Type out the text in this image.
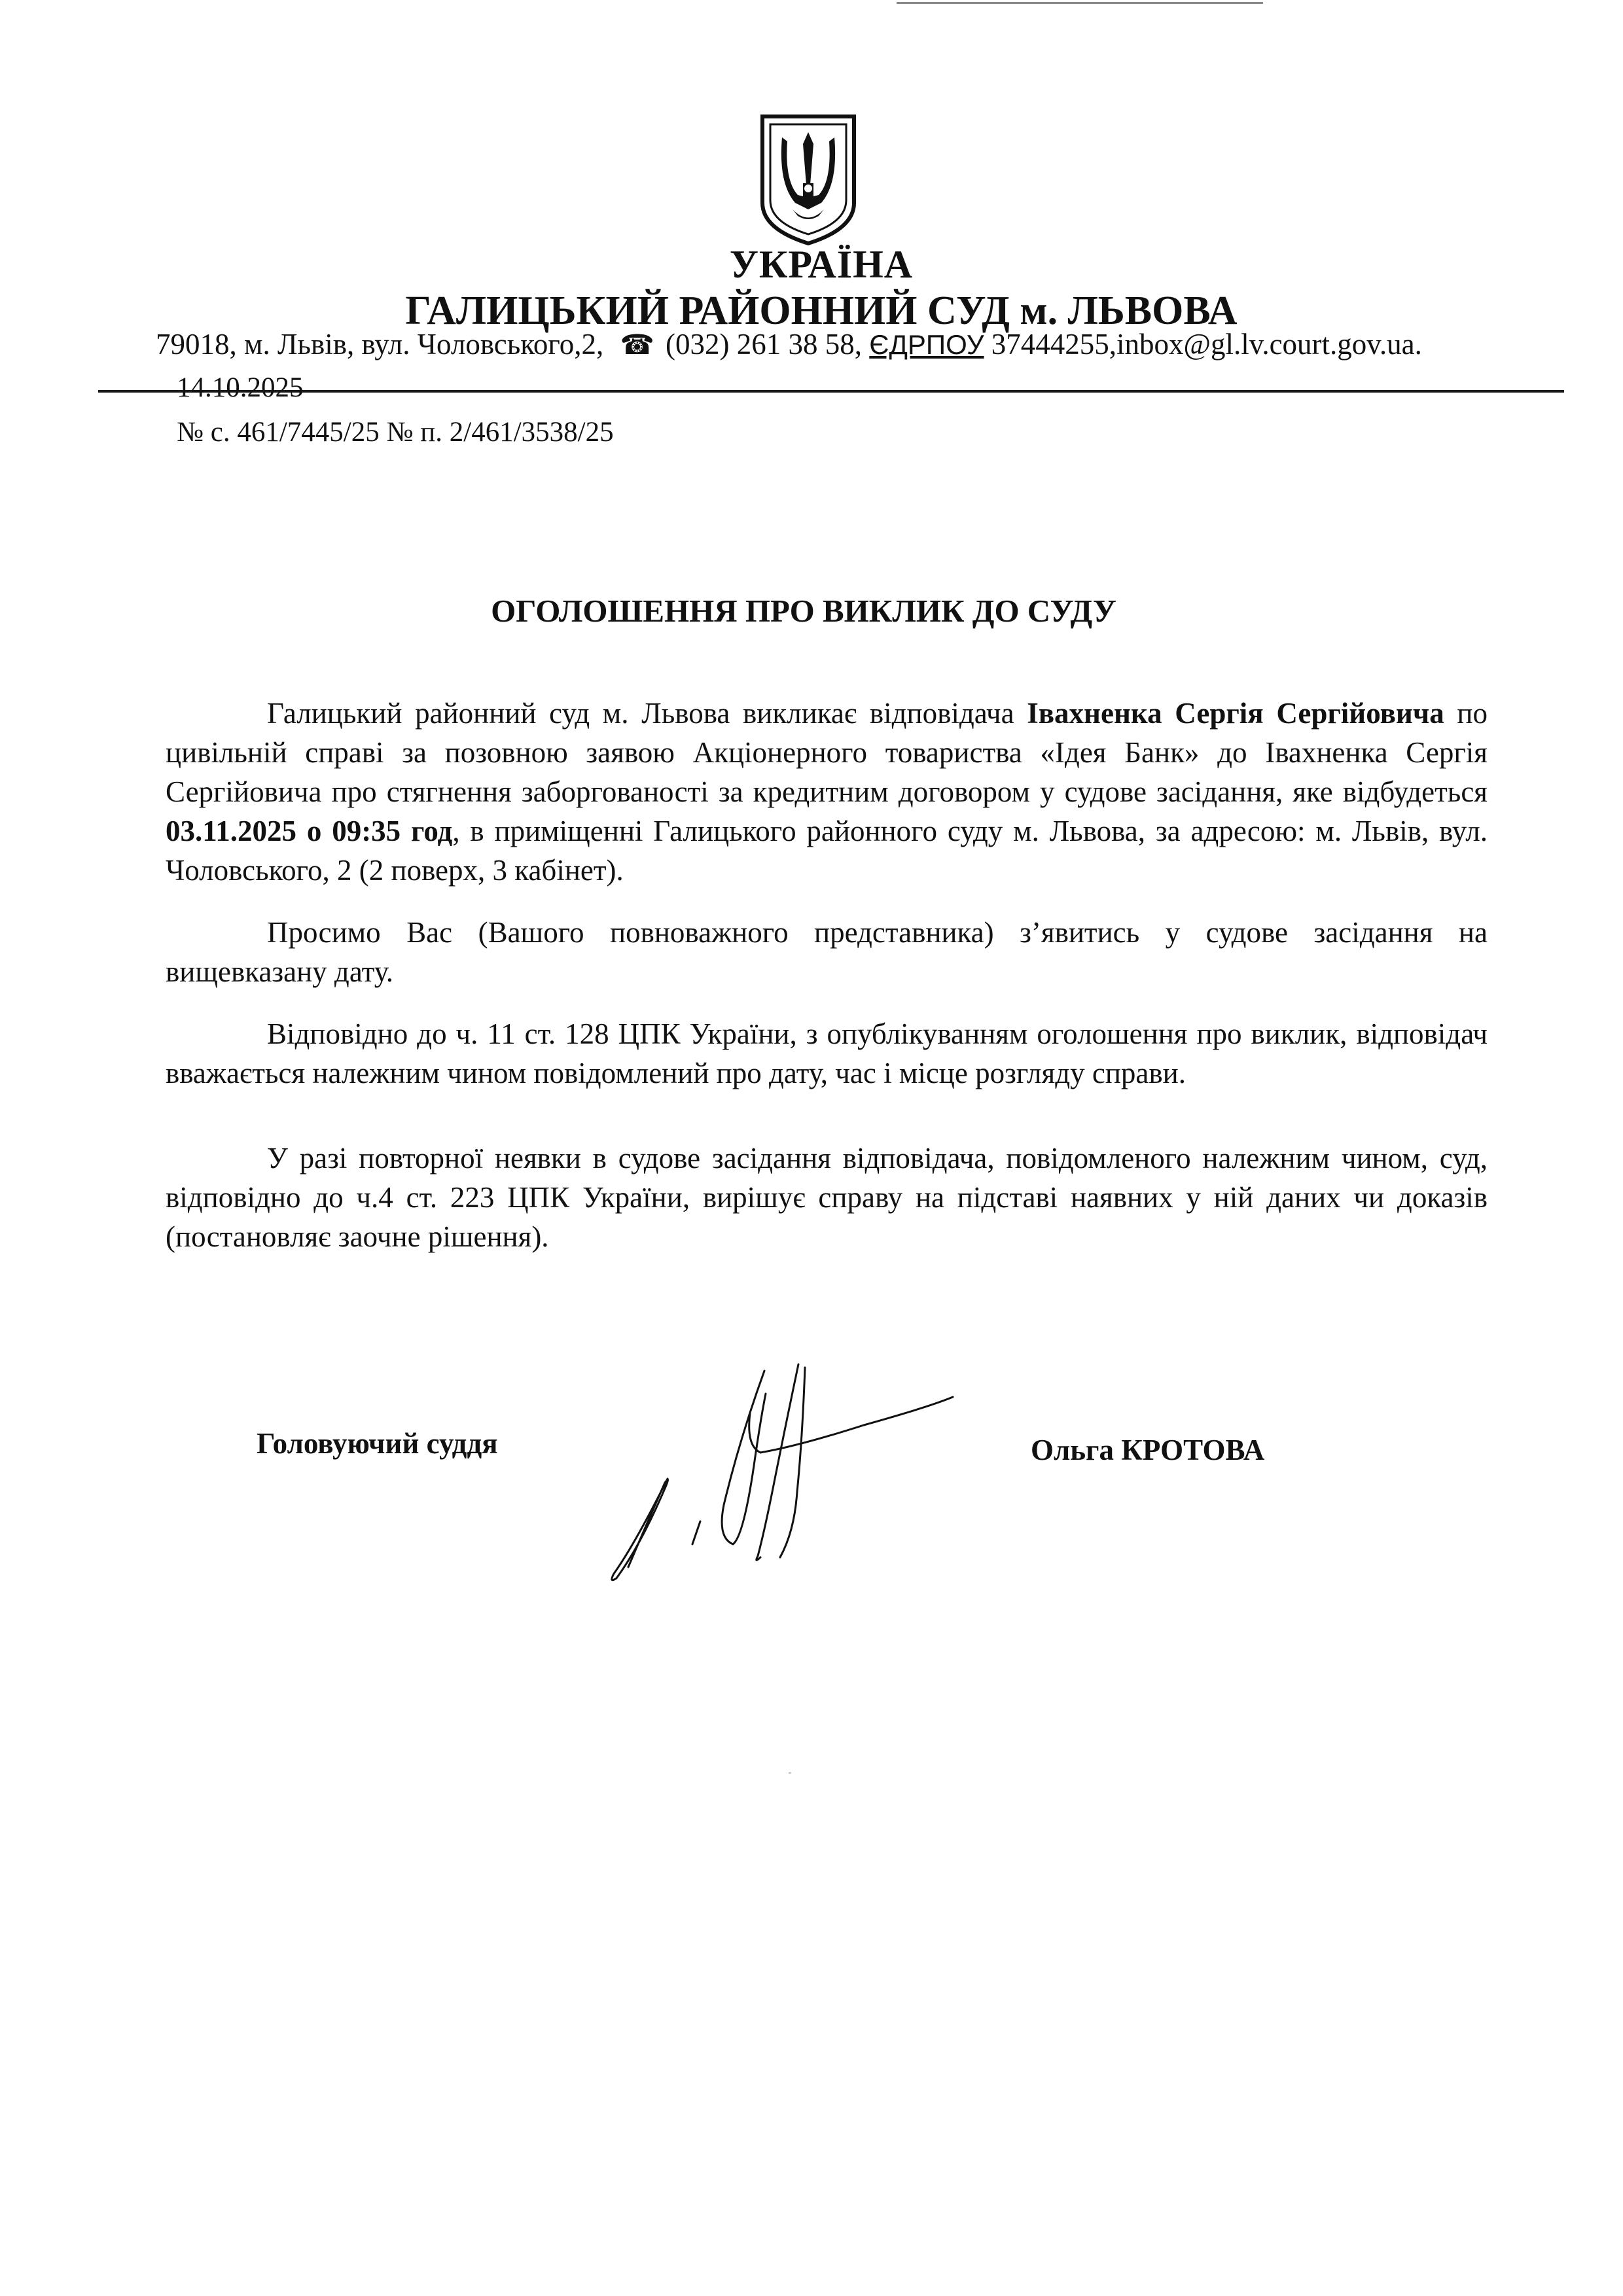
УКРАЇНА
ГАЛИЦЬКИЙ РАЙОННИЙ СУД м. ЛЬВОВА
79018, м. Львів, вул. Чоловського,2, ☎ (032) 261 38 58, ЄДРПОУ 37444255,inbox@gl.lv.court.gov.ua.
14.10.2025
№ с. 461/7445/25 № п. 2/461/3538/25
ОГОЛОШЕННЯ ПРО ВИКЛИК ДО СУДУ

Галицький районний суд м. Львова викликає відповідача Івахненка Сергія Сергійовича по цивільній справі за позовною заявою Акціонерного товариства «Ідея Банк» до Івахненка Сергія Сергійовича про стягнення заборгованості за кредитним договором у судове засідання, яке відбудеться 03.11.2025 о 09:35 год, в приміщенні Галицького районного суду м. Львова, за адресою: м. Львів, вул. Чоловського, 2 (2 поверх, 3 кабінет).

Просимо Вас (Вашого повноважного представника) з’явитись у судове засідання на вищевказану дату.

Відповідно до ч. 11 ст. 128 ЦПК України, з опублікуванням оголошення про виклик, відповідач вважається належним чином повідомлений про дату, час і місце розгляду справи.

У разі повторної неявки в судове засідання відповідача, повідомленого належним чином, суд, відповідно до ч.4 ст. 223 ЦПК України, вирішує справу на підставі наявних у ній даних чи доказів (постановляє заочне рішення).

Головуючий суддя	Ольга КРОТОВА
